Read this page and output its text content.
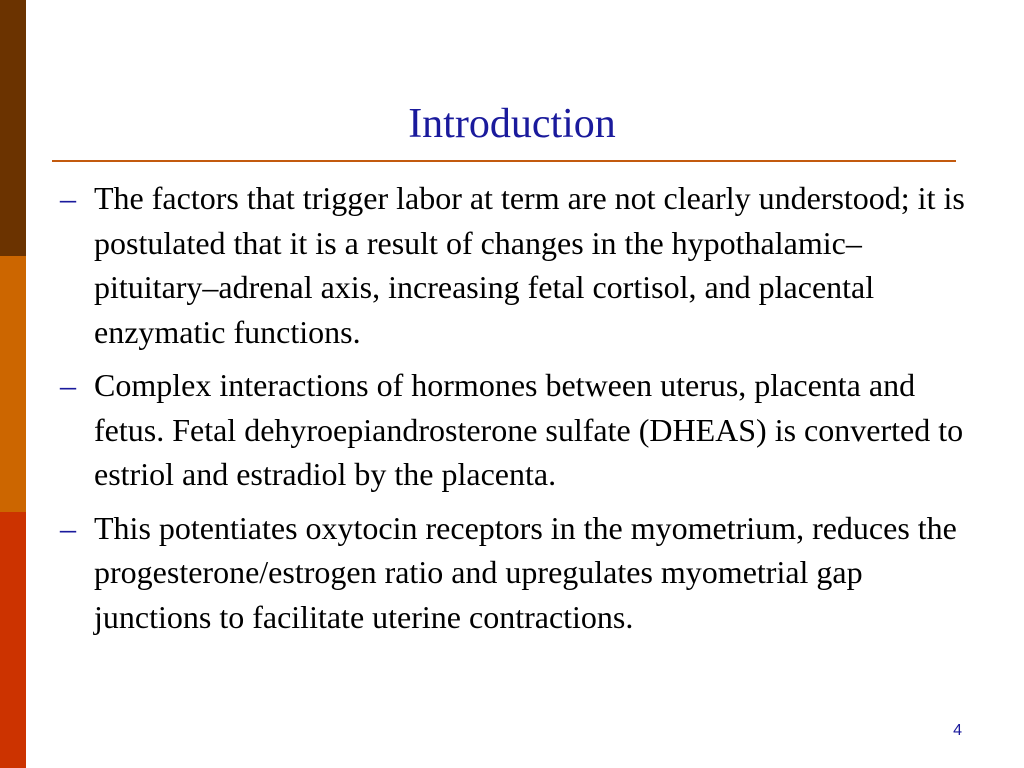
Introduction
– The factors that trigger labor at term are not clearly understood; it is postulated that it is a result of changes in the hypothalamic–pituitary–adrenal axis, increasing fetal cortisol, and placental enzymatic functions.
– Complex interactions of hormones between uterus, placenta and fetus. Fetal dehyroepiandrosterone sulfate (DHEAS) is converted to estriol and estradiol by the placenta.
– This potentiates oxytocin receptors in the myometrium, reduces the progesterone/estrogen ratio and upregulates myometrial gap junctions to facilitate uterine contractions.
4
